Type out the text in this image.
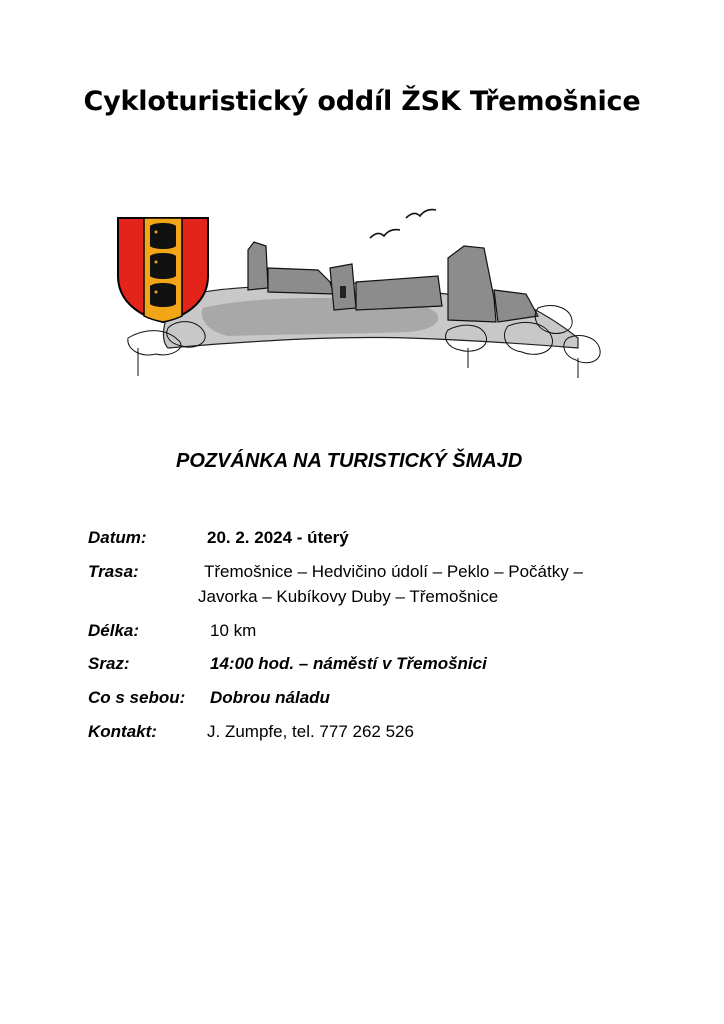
Cykloturistický oddíl ŽSK Třemošnice
POZVÁNKA NA TURISTICKÝ ŠMAJD
Datum:	20. 2. 2024 - úterý
Trasa:	Třemošnice – Hedvičino údolí – Peklo – Počátky –
Javorka – Kubíkovy Duby – Třemošnice
Délka:	10 km
Sraz:	14:00 hod. – náměstí v Třemošnici
Co s sebou: Dobrou náladu
Kontakt:	J. Zumpfe, tel. 777 262 526
